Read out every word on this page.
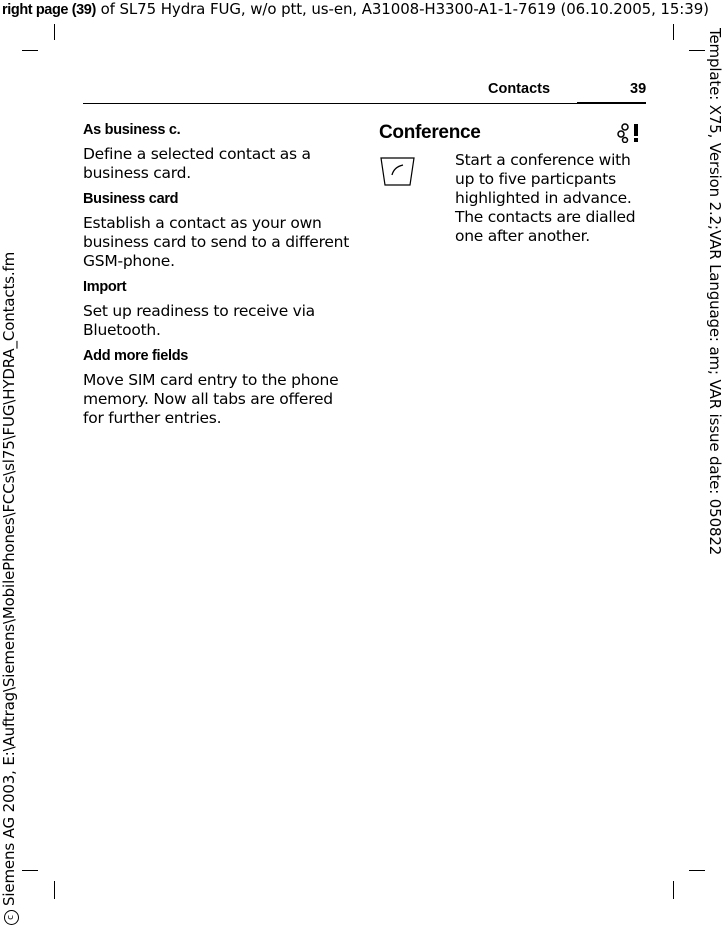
right page (39) of SL75 Hydra FUG, w/o ptt, us-en, A31008-H3300-A1-1-7619 (06.10.2005, 15:39)
cSiemens AG 2003, E:\Auftrag\Siemens\MobilePhones\FCCs\sl75\FUG\HYDRA_Contacts.fm	Template: X75, Version 2.2;VAR Language: am; VAR issue date: 050822
Contacts	39
As business c.
Define a selected contact as a business card.
Business card
Establish a contact as your own business card to send to a different GSM-phone.
Import
Set up readiness to receive via Bluetooth.
Add more fields
Move SIM card entry to the phone memory. Now all tabs are offered for further entries.
Conference
Start a conference with up to five particpants highlighted in advance. The contacts are dialled one after another.
